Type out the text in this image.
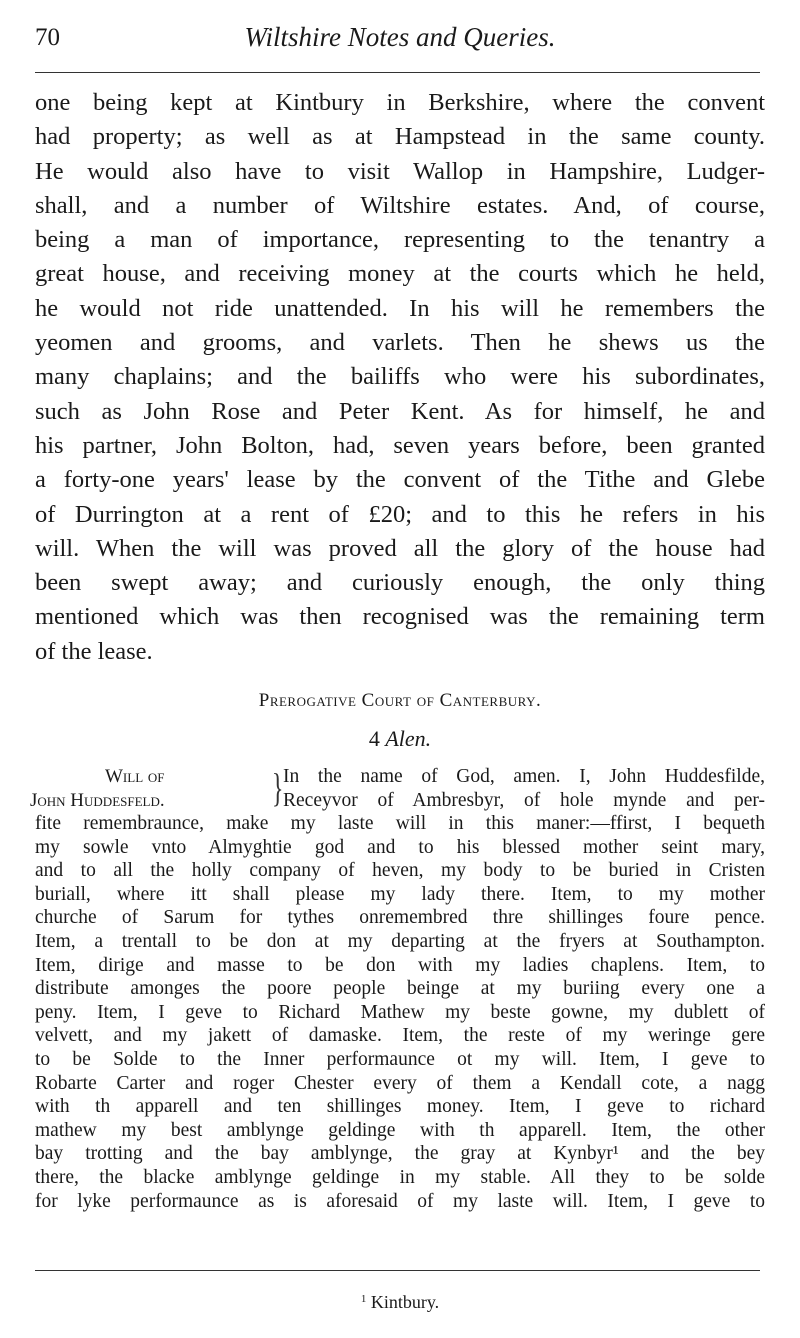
70	Wiltshire Notes and Queries.
one being kept at Kintbury in Berkshire, where the convent
had property; as well as at Hampstead in the same county.
He would also have to visit Wallop in Hampshire, Ludger-
shall, and a number of Wiltshire estates. And, of course,
being a man of importance, representing to the tenantry a
great house, and receiving money at the courts which he held,
he would not ride unattended. In his will he remembers the
yeomen and grooms, and varlets. Then he shews us the
many chaplains; and the bailiffs who were his subordinates,
such as John Rose and Peter Kent. As for himself, he and
his partner, John Bolton, had, seven years before, been granted
a forty-one years' lease by the convent of the Tithe and Glebe
of Durrington at a rent of £20; and to this he refers in his
will. When the will was proved all the glory of the house had
been swept away; and curiously enough, the only thing
mentioned which was then recognised was the remaining term
of the lease.
Prerogative Court of Canterbury.
4 Alen.
Will of
John Huddesfeld.	} In the name of God, amen. I, John Huddesfilde,
Receyvor of Ambresbyr, of hole mynde and per-
fite remembraunce, make my laste will in this maner:—ffirst, I bequeth
my sowle vnto Almyghtie god and to his blessed mother seint mary,
and to all the holly company of heven, my body to be buried in Cristen
buriall, where itt shall please my lady there. Item, to my mother
churche of Sarum for tythes onremembred thre shillinges foure pence.
Item, a trentall to be don at my departing at the fryers at Southampton.
Item, dirige and masse to be don with my ladies chaplens. Item, to
distribute amonges the poore people beinge at my buriing every one a
peny. Item, I geve to Richard Mathew my beste gowne, my dublett of
velvett, and my jakett of damaske. Item, the reste of my weringe gere
to be Solde to the Inner performaunce ot my will. Item, I geve to
Robarte Carter and roger Chester every of them a Kendall cote, a nagg
with th apparell and ten shillinges money. Item, I geve to richard
mathew my best amblynge geldinge with th apparell. Item, the other
bay trotting and the bay amblynge, the gray at Kynbyr¹ and the bey
there, the blacke amblynge geldinge in my stable. All they to be solde
for lyke performaunce as is aforesaid of my laste will. Item, I geve to
$^1$ Kintbury.
